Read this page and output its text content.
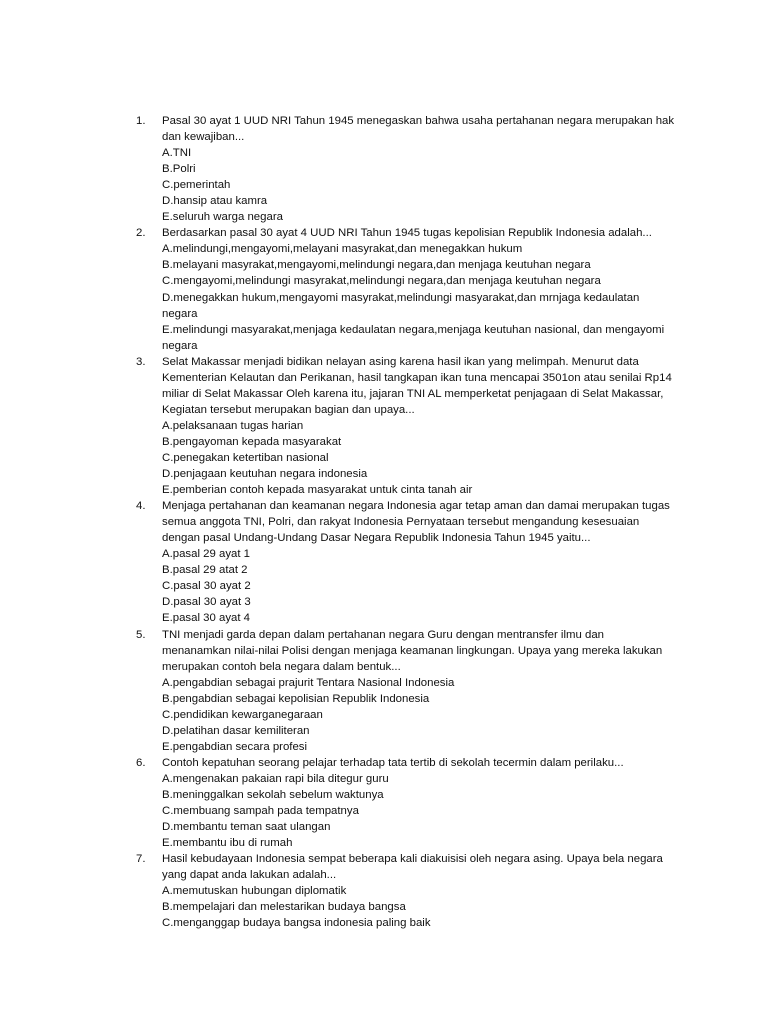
1.	Pasal 30 ayat 1 UUD NRI Tahun 1945 menegaskan bahwa usaha pertahanan negara merupakan hak dan kewajiban...
A.TNI
B.Polri
C.pemerintah
D.hansip atau kamra
E.seluruh warga negara
2.	Berdasarkan pasal 30 ayat 4 UUD NRI Tahun 1945 tugas kepolisian Republik Indonesia adalah...
A.melindungi,mengayomi,melayani masyrakat,dan menegakkan hukum
B.melayani masyrakat,mengayomi,melindungi negara,dan menjaga keutuhan negara
C.mengayomi,melindungi masyrakat,melindungi negara,dan menjaga keutuhan negara
D.menegakkan hukum,mengayomi masyrakat,melindungi masyarakat,dan mrnjaga kedaulatan negara
E.melindungi masyarakat,menjaga kedaulatan negara,menjaga keutuhan nasional, dan mengayomi negara
3.	Selat Makassar menjadi bidikan nelayan asing karena hasil ikan yang melimpah. Menurut data Kementerian Kelautan dan Perikanan, hasil tangkapan ikan tuna mencapai 3501on atau senilai Rp14 miliar di Selat Makassar Oleh karena itu, jajaran TNI AL memperketat penjagaan di Selat Makassar, Kegiatan tersebut merupakan bagian dan upaya...
A.pelaksanaan tugas harian
B.pengayoman kepada masyarakat
C.penegakan ketertiban nasional
D.penjagaan keutuhan negara indonesia
E.pemberian contoh kepada masyarakat untuk cinta tanah air
4.	Menjaga pertahanan dan keamanan negara Indonesia agar tetap aman dan damai merupakan tugas semua anggota TNI, Polri, dan rakyat Indonesia Pernyataan tersebut mengandung kesesuaian dengan pasal Undang-Undang Dasar Negara Republik Indonesia Tahun 1945 yaitu...
A.pasal 29 ayat 1
B.pasal 29 atat 2
C.pasal 30 ayat 2
D.pasal 30 ayat 3
E.pasal 30 ayat 4
5.	TNI menjadi garda depan dalam pertahanan negara Guru dengan mentransfer ilmu dan menanamkan nilai-nilai Polisi dengan menjaga keamanan lingkungan. Upaya yang mereka lakukan merupakan contoh bela negara dalam bentuk...
A.pengabdian sebagai prajurit Tentara Nasional Indonesia
B.pengabdian sebagai kepolisian Republik Indonesia
C.pendidikan kewarganegaraan
D.pelatihan dasar kemiliteran
E.pengabdian secara profesi
6.	Contoh kepatuhan seorang pelajar terhadap tata tertib di sekolah tecermin dalam perilaku...
A.mengenakan pakaian rapi bila ditegur guru
B.meninggalkan sekolah sebelum waktunya
C.membuang sampah pada tempatnya
D.membantu teman saat ulangan
E.membantu ibu di rumah
7.	Hasil kebudayaan Indonesia sempat beberapa kali diakuisisi oleh negara asing. Upaya bela negara yang dapat anda lakukan adalah...
A.memutuskan hubungan diplomatik
B.mempelajari dan melestarikan budaya bangsa
C.menganggap budaya bangsa indonesia paling baik
